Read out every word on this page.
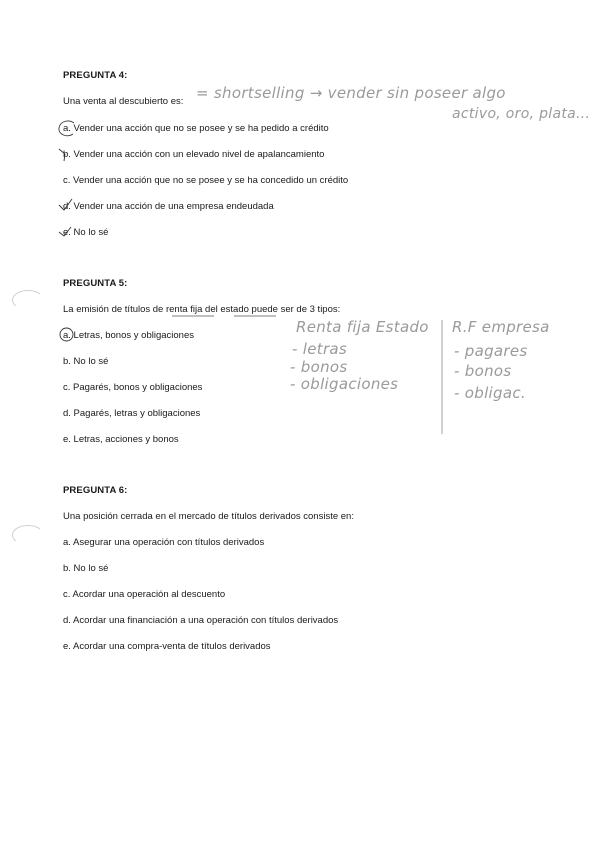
PREGUNTA 4:
Una venta al descubierto es: = shortselling → vender sin poseer algo
activo, oro, plata...
a. Vender una acción que no se posee y se ha pedido a crédito
b. Vender una acción con un elevado nivel de apalancamiento
c. Vender una acción que no se posee y se ha concedido un crédito
d. Vender una acción de una empresa endeudada
e. No lo sé
PREGUNTA 5:
La emisión de títulos de renta fija del estado puede ser de 3 tipos:
a. Letras, bonos y obligaciones
b. No lo sé
c. Pagarés, bonos y obligaciones
d. Pagarés, letras y obligaciones
e. Letras, acciones y bonos
Renta fija Estado
- letras
- bonos
- obligaciones
R.F empresa
- pagares
- bonos
- obligac.
PREGUNTA 6:
Una posición cerrada en el mercado de títulos derivados consiste en:
a. Asegurar una operación con títulos derivados
b. No lo sé
c. Acordar una operación al descuento
d. Acordar una financiación a una operación con títulos derivados
e. Acordar una compra-venta de títulos derivados
